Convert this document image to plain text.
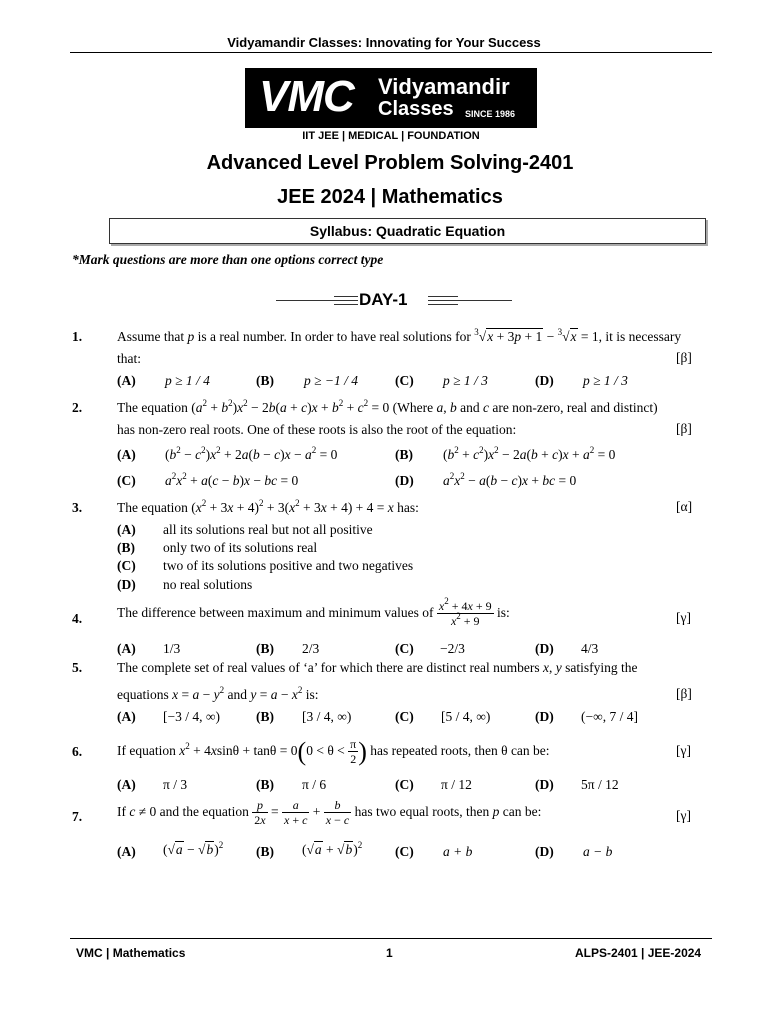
Vidyamandir Classes: Innovating for Your Success
VMC Vidyamandir
Classes SINCE 1986
IIT JEE | MEDICAL | FOUNDATION
Advanced Level Problem Solving-2401
JEE 2024 | Mathematics
Syllabus: Quadratic Equation
*Mark questions are more than one options correct type
DAY-1
1.	Assume that p is a real number. In order to have real solutions for $^3$√x + 3p + 1 − $^3$√x = 1, it is necessary
that:	[β]
(A) p ≥ 1 / 4	(B) p ≥ −1 / 4	(C) p ≥ 1 / 3	(D) p ≥ 1 / 3
2.	The equation $(a^2 + b^2)x^2 - 2b(a + c)x + b^2 + c^2 = 0$ (Where a, b and c are non-zero, real and distinct)
has non-zero real roots. One of these roots is also the root of the equation:	[β]
(A) $(b^2 - c^2)x^2 + 2a(b - c)x - a^2 = 0$	(B) $(b^2 + c^2)x^2 - 2a(b + c)x + a^2 = 0$
(C) $a^2x^2 + a(c - b)x$ − bc = 0	(D) $a^2x^2 - a(b - c)x$ + bc = 0
3.	The equation $(x^2 + 3x + 4)^2 + 3(x^2 + 3x + 4) + 4 = x$ has:	[α]
(A) all its solutions real but not all positive
(B) only two of its solutions real
(C) two of its solutions positive and two negatives
(D) no real solutions
4.	The difference between maximum and minimum values of $\frac{x^2 + 4x + 9}{x^2 + 9}$ is:	[γ]
(A) 1/3	(B) 2/3	(C) −2/3	(D) 4/3
5.	The complete set of real values of ‘a’ for which there are distinct real numbers x, y satisfying the
equations $x = a - y^2$ and $y = a - x^2$ is:	[β]
(A) [−3 / 4, ∞)	(B) [3 / 4, ∞)	(C) [5 / 4, ∞)	(D) (−∞, 7 / 4]
6.	If equation $x^2 + 4xsin\theta + \tan\theta = 0(0 < \theta < \frac{\pi}{2}$ ) has repeated roots, then θ can be:	[γ]
(A) π / 3	(B) π / 6	(C) π / 12	(D) 5π / 12
7.	If c ≠ 0 and the equation $\frac{p}{2x} = \frac{a}{x + c} + \frac{b}{x - c}$ has two equal roots, then p can be:	[γ]
(A) $(√a - √b)^2$ (B) $(√a + √b)^2$ (C) a + b	(D) a − b
VMC | Mathematics	1	ALPS-2401 | JEE-2024
